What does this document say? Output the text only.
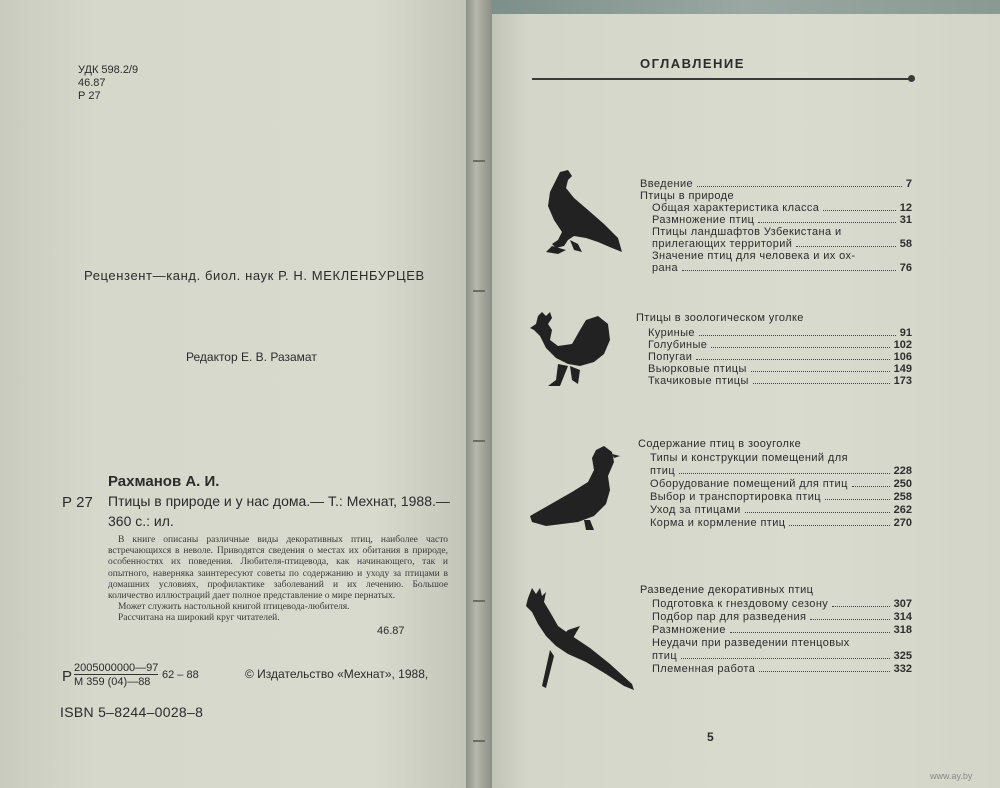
УДК 598.2/9
46.87
Р 27
Рецензент—канд. биол. наук Р. Н. МЕКЛЕНБУРЦЕВ
Редактор Е. В. Разамат
Рахманов А. И.
Р 27 Птицы в природе и у нас дома.— Т.: Мехнат, 1988.— 360 с.: ил.

В книге описаны различные виды декоративных птиц, наиболее часто встречающихся в неволе. Приводятся сведения о местах их обитания в природе, особенностях их поведения. Любителя-птицевода, как начинающего, так и опытного, наверняка заинтересуют советы по содержанию и уходу за птицами в домашних условиях, профилактике заболеваний и их лечению. Большое количество иллюстраций дает полное представление о мире пернатых.

Может служить настольной книгой птицевода-любителя.

Рассчитана на широкий круг читателей.

46.87
Р 2005000000—97
М 359 (04)—88
62 – 88	© Издательство «Мехнат», 1988,
ISBN 5–8244–0028–8
ОГЛАВЛЕНИЕ
Введение	7
Птицы в природе
Общая характеристика класса	12
Размножение птиц	31
Птицы ландшафтов Узбекистана и
прилегающих территорий	58
Значение птиц для человека и их ох-
рана	76
Птицы в зоологическом уголке
Куриные	91
Голубиные	102
Попугаи	106
Вьюрковые птицы	149
Ткачиковые птицы	173
Содержание птиц в зооуголке
Типы и конструкции помещений для
птиц	228
Оборудование помещений для птиц	250
Выбор и транспортировка птиц	258
Уход за птицами	262
Корма и кормление птиц	270
Разведение декоративных птиц
Подготовка к гнездовому сезону	307
Подбор пар для разведения	314
Размножение	318
Неудачи при разведении птенцовых
птиц	325
Племенная работа	332
5
www.ay.by
